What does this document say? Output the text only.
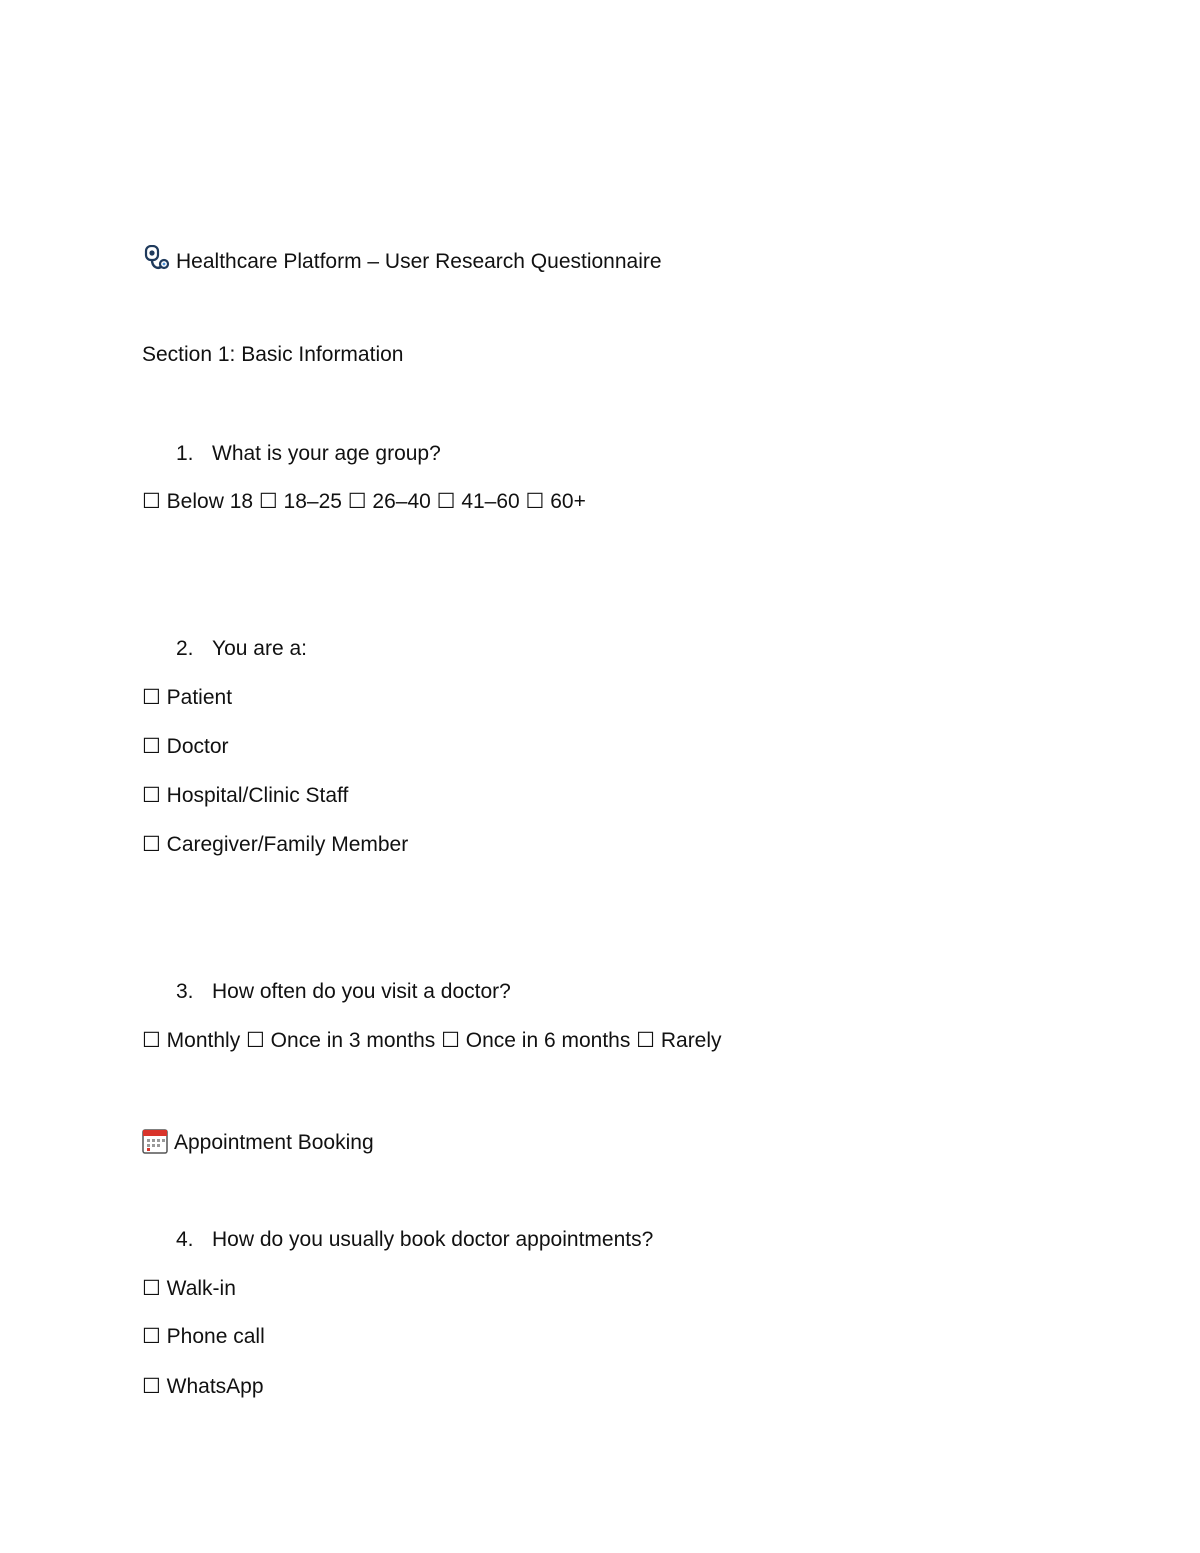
Healthcare Platform – User Research Questionnaire
Section 1: Basic Information
1. What is your age group?
☐ Below 18 ☐ 18–25 ☐ 26–40 ☐ 41–60 ☐ 60+
2. You are a:
☐ Patient
☐ Doctor
☐ Hospital/Clinic Staff
☐ Caregiver/Family Member
3. How often do you visit a doctor?
☐ Monthly ☐ Once in 3 months ☐ Once in 6 months ☐ Rarely
Appointment Booking
4. How do you usually book doctor appointments?
☐ Walk-in
☐ Phone call
☐ WhatsApp
